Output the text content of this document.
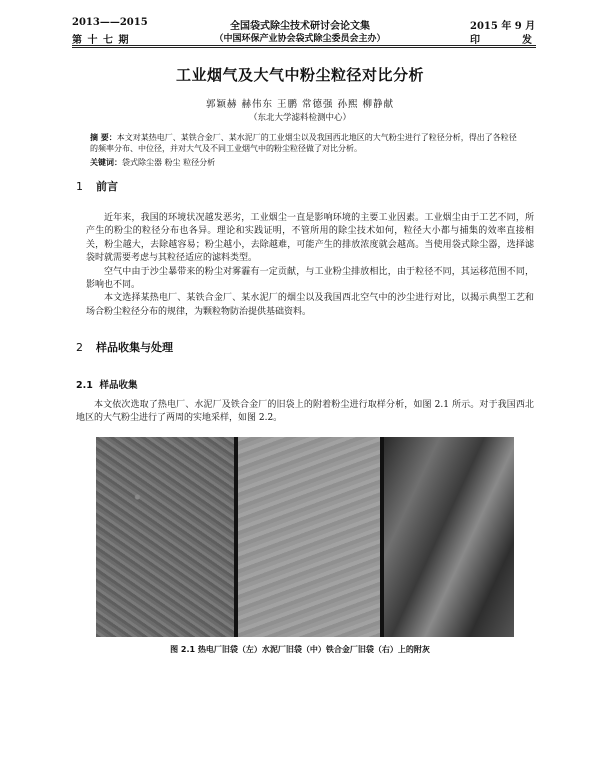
2013——2015
第 十 七 期
全国袋式除尘技术研讨会论文集
（中国环保产业协会袋式除尘委员会主办）
2015 年 9 月
印	发
工业烟气及大气中粉尘粒径对比分析
郭颖赫 赫伟东 王鹏 常德强 孙熙 柳静献
（东北大学滤料检测中心）
摘 要：本文对某热电厂、某铁合金厂、某水泥厂的工业烟尘以及我国西北地区的大气粉尘进行了粒径分析，得出了各粒径的频率分布、中位径，并对大气及不同工业烟气中的粉尘粒径做了对比分析。
关键词：袋式除尘器 粉尘 粒径分析
1 前言

近年来，我国的环境状况越发恶劣，工业烟尘一直是影响环境的主要工业因素。工业烟尘由于工艺不同，所产生的粉尘的粒径分布也各异。理论和实践证明，不管所用的除尘技术如何，粒径大小都与捕集的效率直接相关，粉尘越大，去除越容易；粉尘越小，去除越难，可能产生的排放浓度就会越高。当使用袋式除尘器，选择滤袋时就需要考虑与其粒径适应的滤料类型。

空气中由于沙尘暴带来的粉尘对雾霾有一定贡献，与工业粉尘排放相比，由于粒径不同，其运移范围不同，影响也不同。

本文选择某热电厂、某铁合金厂、某水泥厂的烟尘以及我国西北空气中的沙尘进行对比，以揭示典型工艺和场合粉尘粒径分布的规律，为颗粒物防治提供基础资料。

2 样品收集与处理
2.1 样品收集

本文依次选取了热电厂、水泥厂及铁合金厂的旧袋上的附着粉尘进行取样分析，如图 2.1 所示。对于我国西北地区的大气粉尘进行了两周的实地采样，如图 2.2。

图 2.1 热电厂旧袋（左）水泥厂旧袋（中）铁合金厂旧袋（右）上的附灰
